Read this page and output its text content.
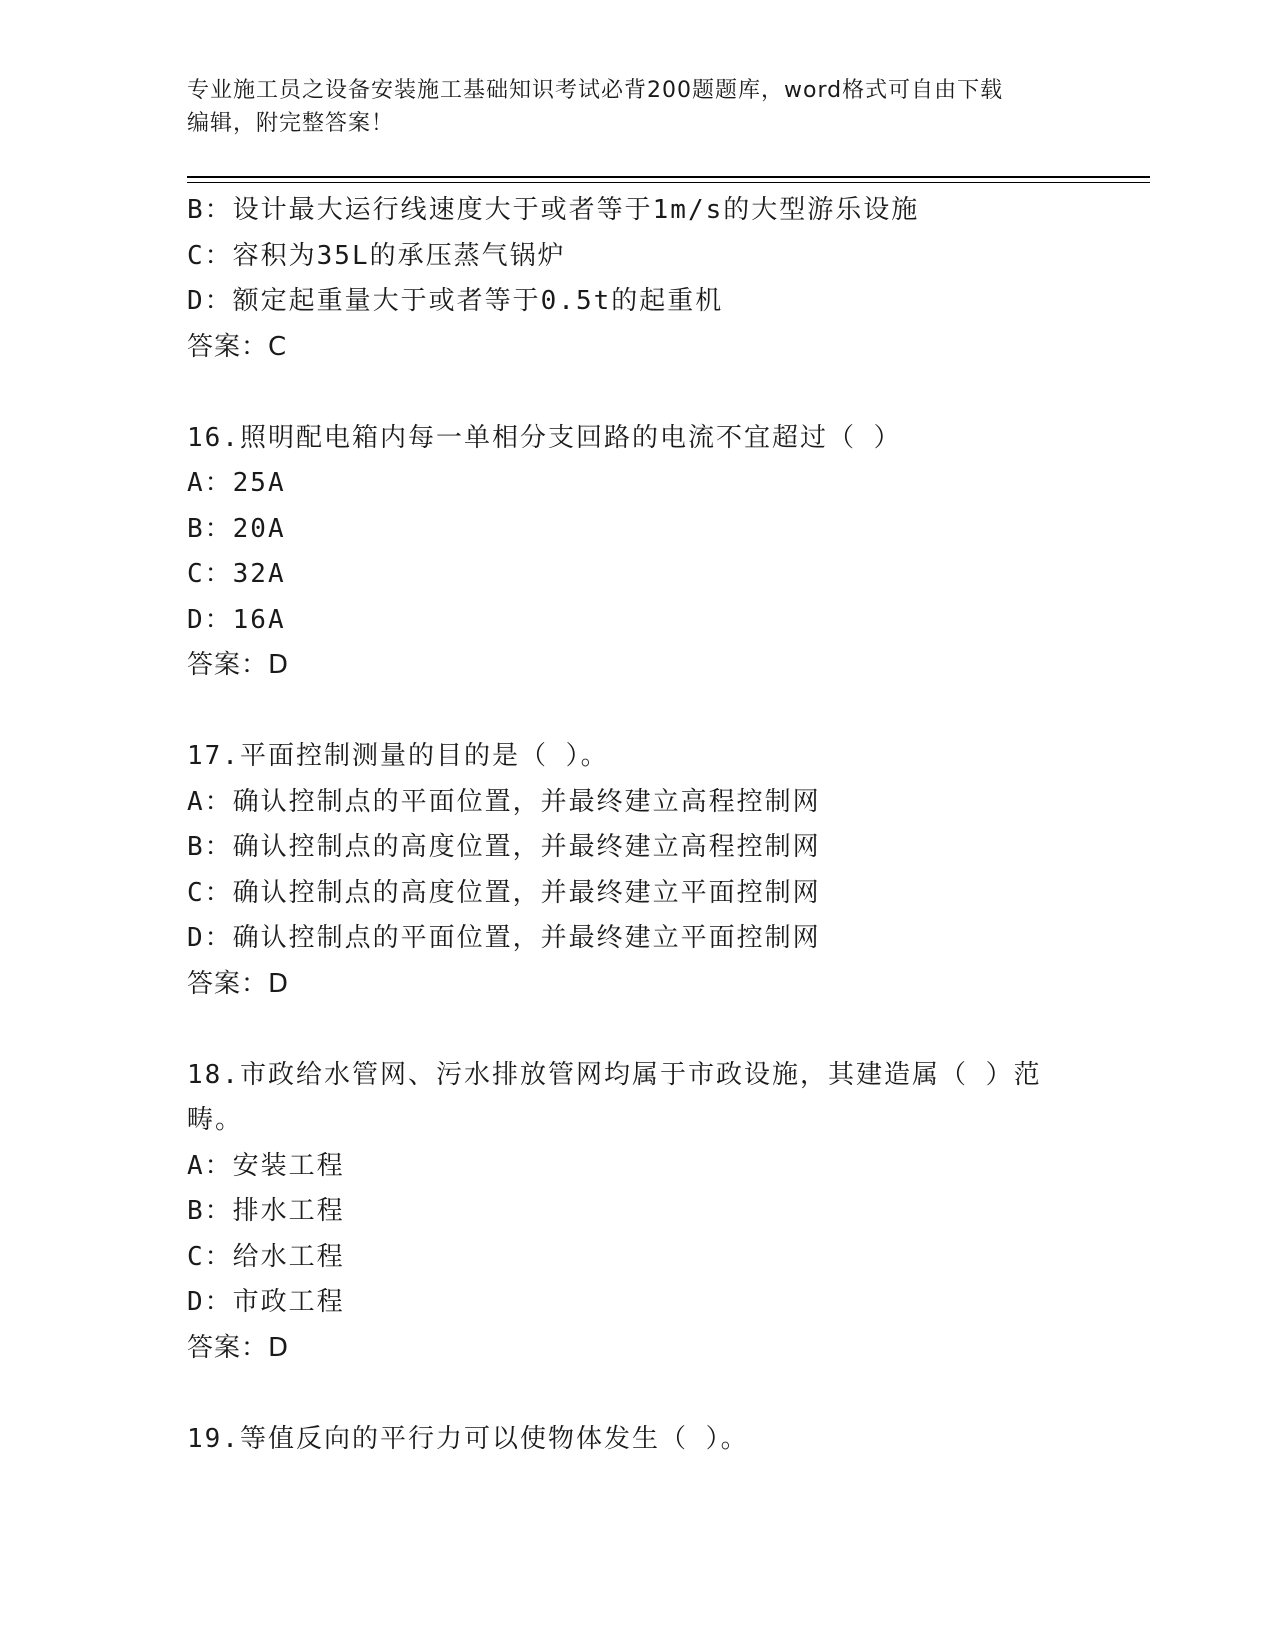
专业施工员之设备安装施工基础知识考试必背200题题库，word格式可自由下载
编辑，附完整答案！
B：设计最大运行线速度大于或者等于1m/s的大型游乐设施
C：容积为35L的承压蒸气锅炉
D：额定起重量大于或者等于0.5t的起重机
答案：C
16.照明配电箱内每一单相分支回路的电流不宜超过（ ）
A：25A
B：20A
C：32A
D：16A
答案：D
17.平面控制测量的目的是（ ）。
A：确认控制点的平面位置，并最终建立高程控制网
B：确认控制点的高度位置，并最终建立高程控制网
C：确认控制点的高度位置，并最终建立平面控制网
D：确认控制点的平面位置，并最终建立平面控制网
答案：D
18.市政给水管网、污水排放管网均属于市政设施，其建造属（ ）范
畴。
A：安装工程
B：排水工程
C：给水工程
D：市政工程
答案：D
19.等值反向的平行力可以使物体发生（ ）。
